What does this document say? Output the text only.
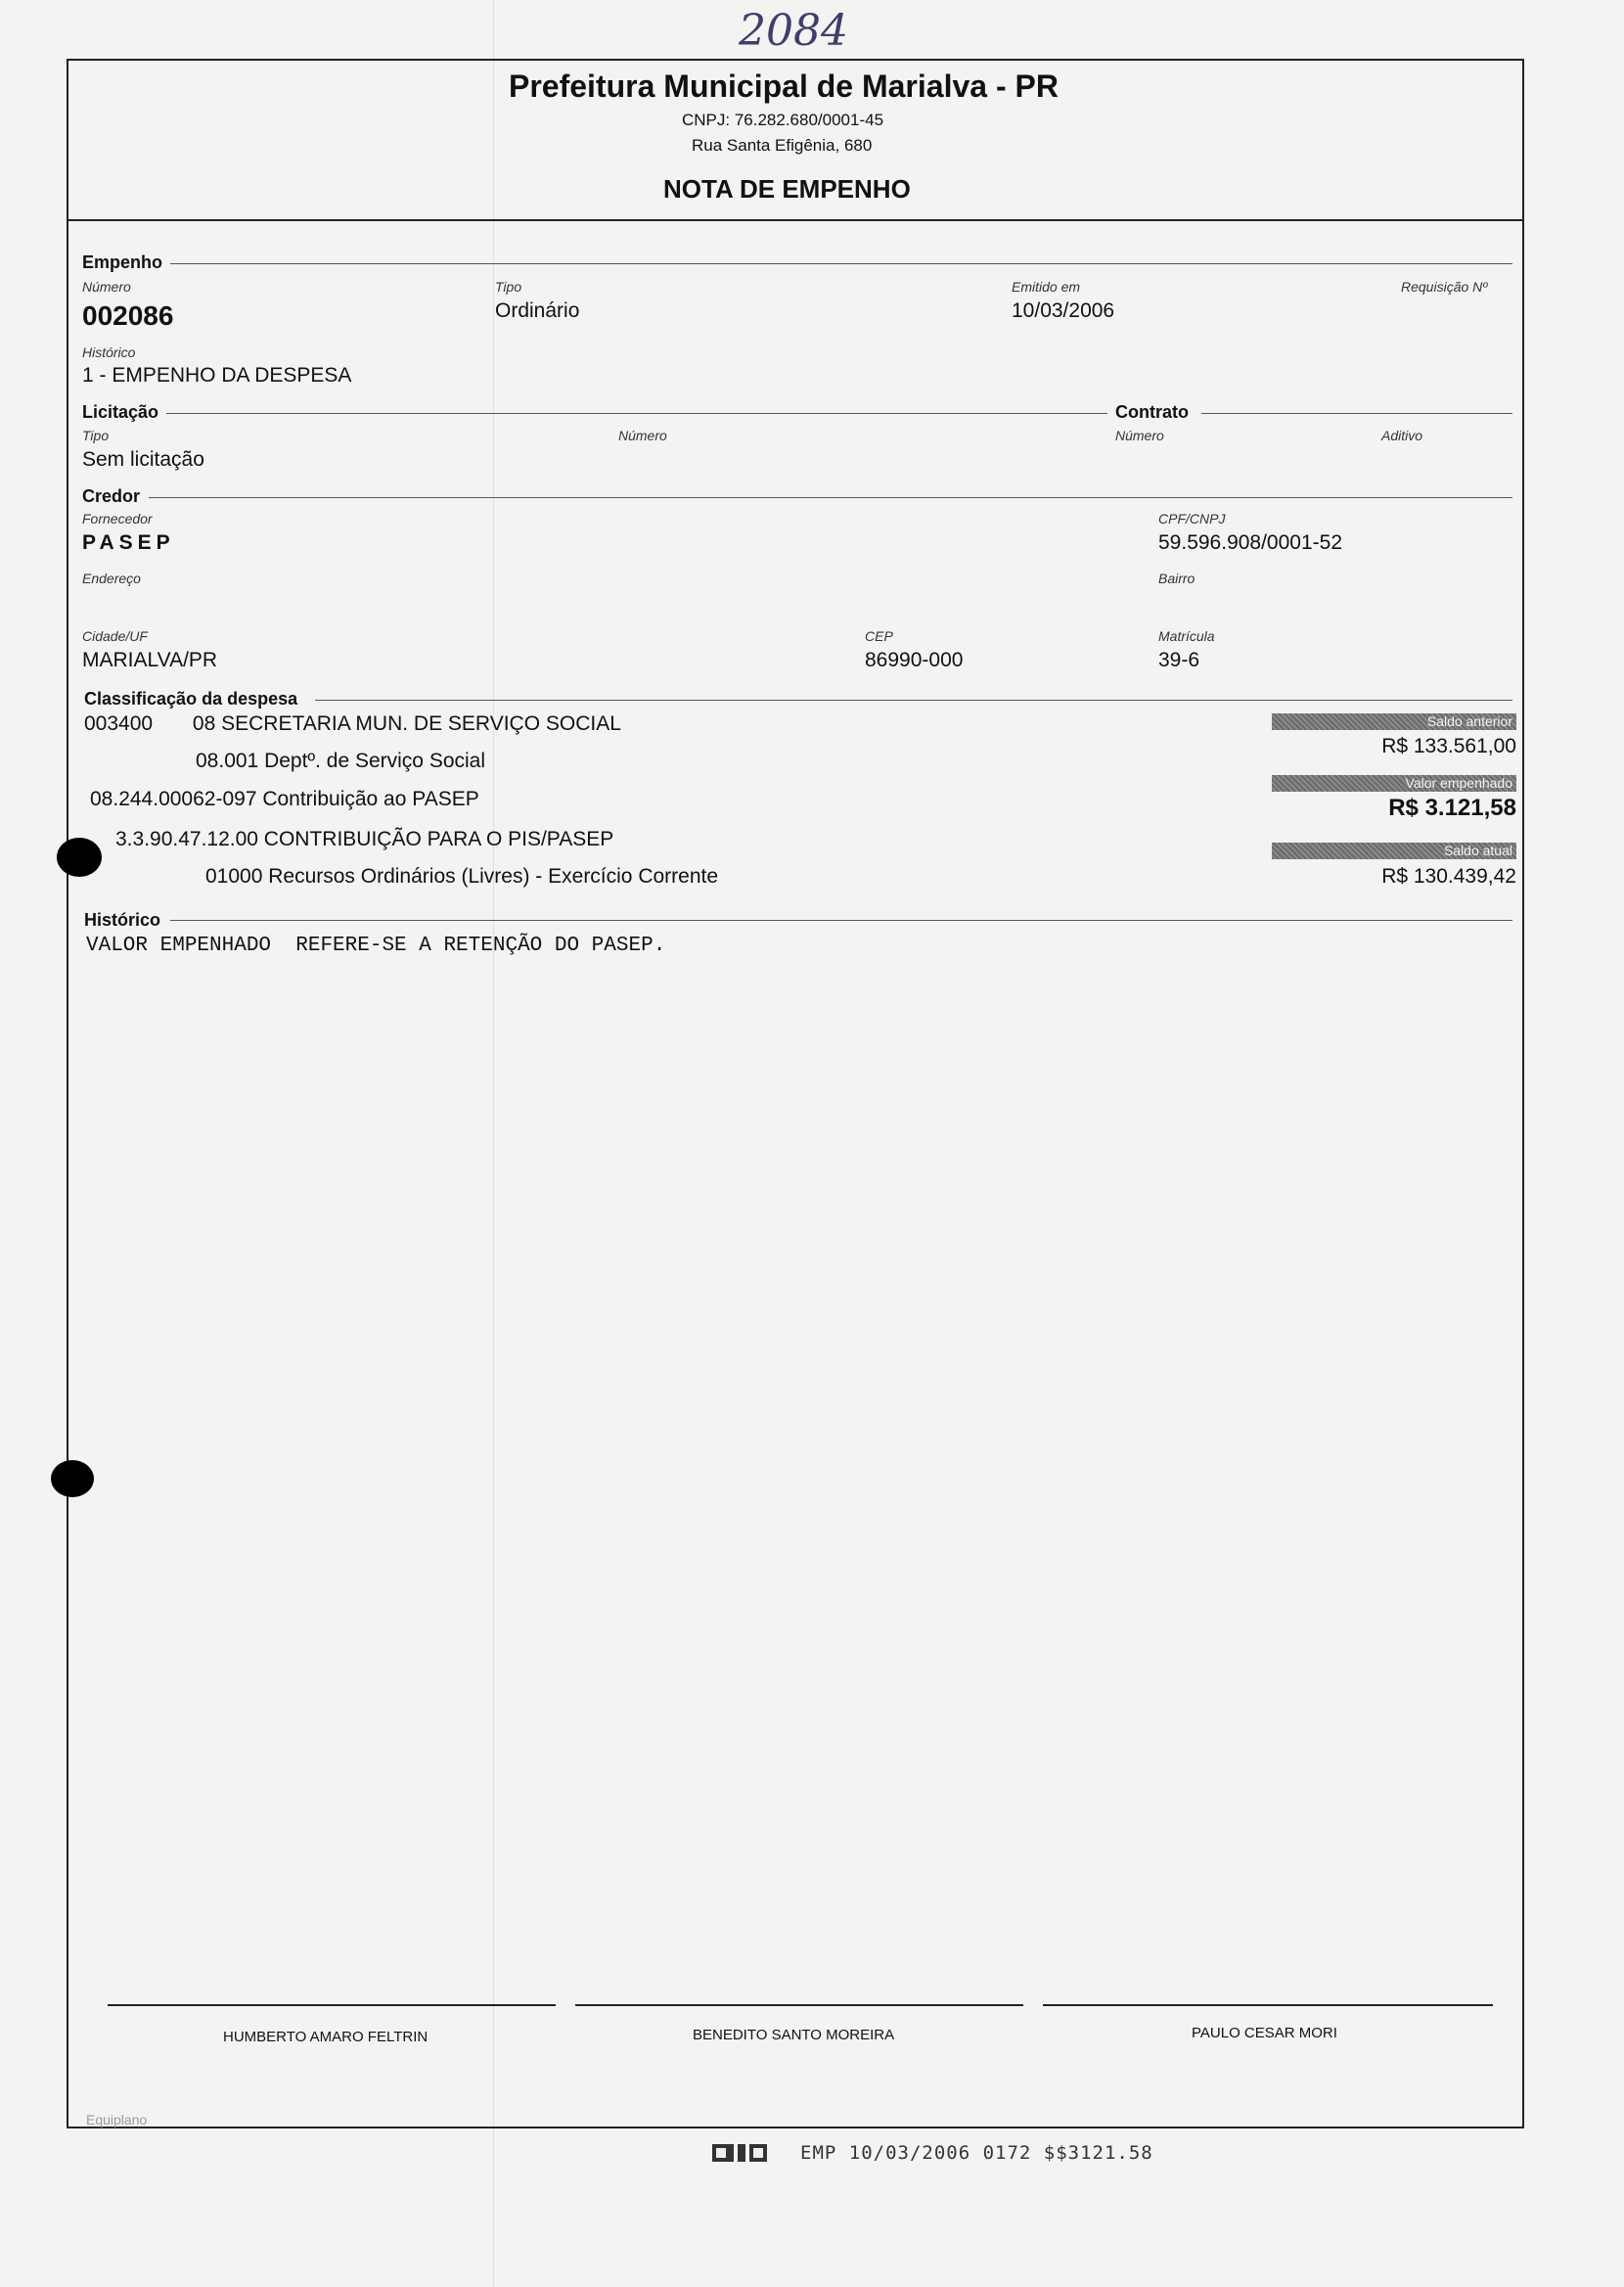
2084
Prefeitura Municipal de Marialva - PR
CNPJ: 76.282.680/0001-45
Rua Santa Efigênia, 680
NOTA DE EMPENHO
Empenho
Número
002086
Tipo
Ordinário
Emitido em
10/03/2006
Requisição Nº
Histórico
1 - EMPENHO DA DESPESA
Licitação	Contrato
Tipo
Sem licitação
Número	Número	Aditivo
Credor
Fornecedor
PASEP
CPF/CNPJ
59.596.908/0001-52
Endereço	Bairro
Cidade/UF
MARIALVA/PR
CEP
86990-000
Matrícula
39-6
Classificação da despesa
003400       08 SECRETARIA MUN. DE SERVIÇO SOCIAL
08.001 Deptº. de Serviço Social
08.244.00062-097 Contribuição ao PASEP
3.3.90.47.12.00 CONTRIBUIÇÃO PARA O PIS/PASEP
01000 Recursos Ordinários (Livres) - Exercício Corrente
Saldo anterior
R$ 133.561,00
Valor empenhado
R$ 3.121,58
Saldo atual
R$ 130.439,42
Histórico
VALOR EMPENHADO  REFERE-SE A RETENÇÃO DO PASEP.
HUMBERTO AMARO FELTRIN	BENEDITO SANTO MOREIRA	PAULO CESAR MORI
Equiplano
EMP 10/03/2006 0172 $$3121.58
